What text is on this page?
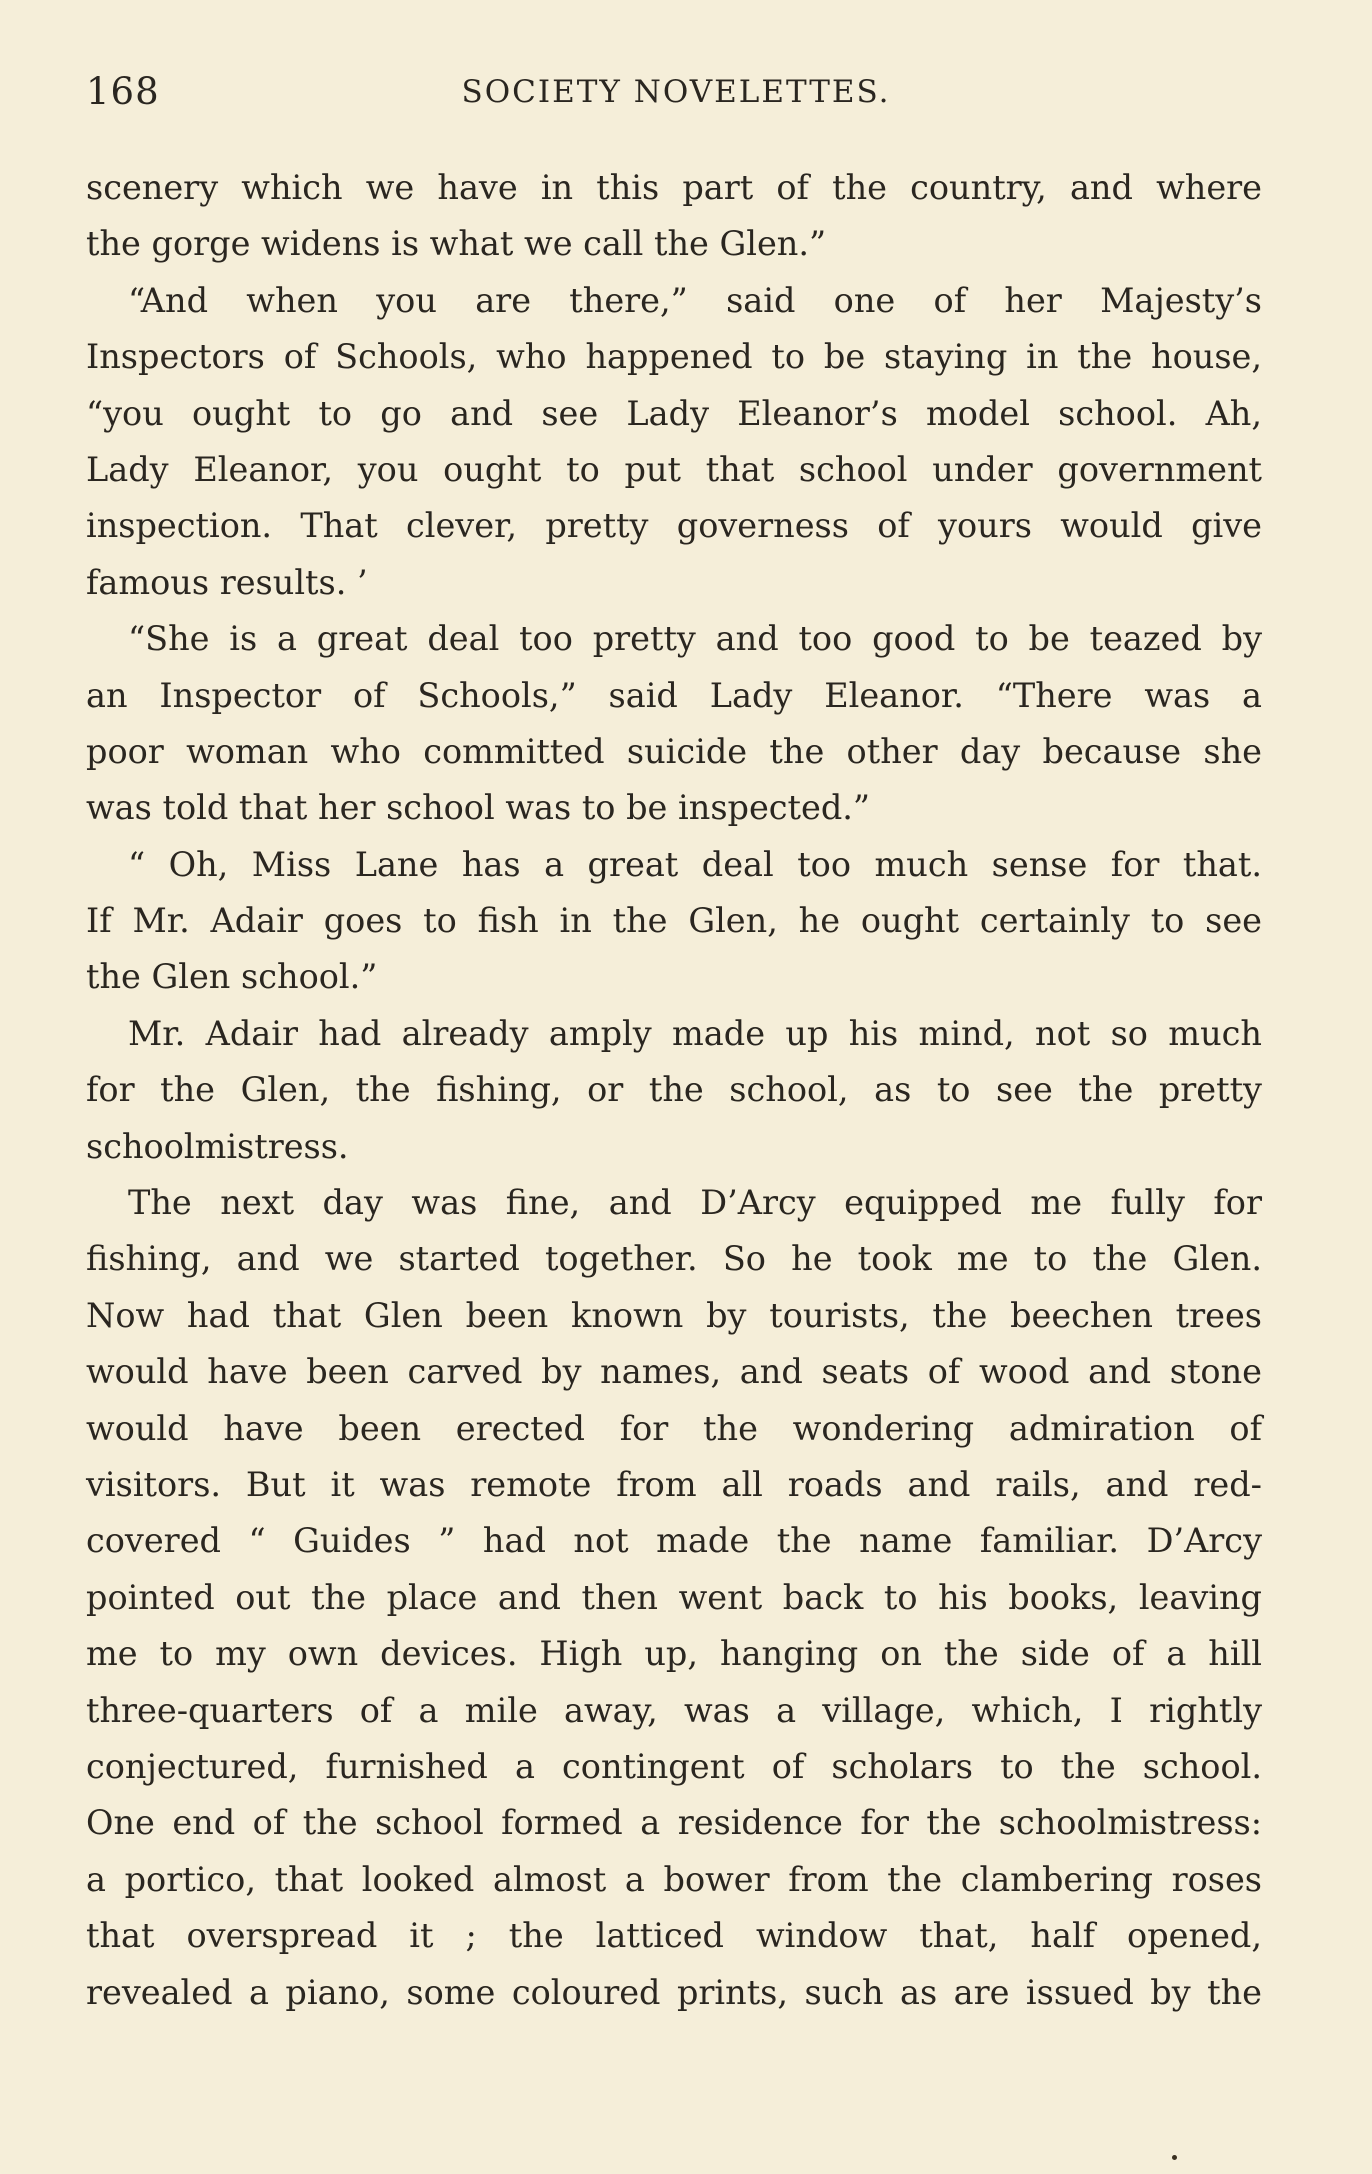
168	SOCIETY NOVELETTES.
scenery which we have in this part of the country, and where
the gorge widens is what we call the Glen.”
“And when you are there,” said one of her Majesty’s
Inspectors of Schools, who happened to be staying in the house,
“you ought to go and see Lady Eleanor’s model school. Ah,
Lady Eleanor, you ought to put that school under government
inspection. That clever, pretty governess of yours would give
famous results. ’
“She is a great deal too pretty and too good to be teazed by
an Inspector of Schools,” said Lady Eleanor. “There was a
poor woman who committed suicide the other day because she
was told that her school was to be inspected.”
“ Oh, Miss Lane has a great deal too much sense for that.
If Mr. Adair goes to fish in the Glen, he ought certainly to see
the Glen school.”
Mr. Adair had already amply made up his mind, not so much
for the Glen, the fishing, or the school, as to see the pretty
schoolmistress.
The next day was fine, and D’Arcy equipped me fully for
fishing, and we started together. So he took me to the Glen.
Now had that Glen been known by tourists, the beechen trees
would have been carved by names, and seats of wood and stone
would have been erected for the wondering admiration of
visitors. But it was remote from all roads and rails, and red-
covered “ Guides ” had not made the name familiar. D’Arcy
pointed out the place and then went back to his books, leaving
me to my own devices. High up, hanging on the side of a hill
three-quarters of a mile away, was a village, which, I rightly
conjectured, furnished a contingent of scholars to the school.
One end of the school formed a residence for the schoolmistress:
a portico, that looked almost a bower from the clambering roses
that overspread it ; the latticed window that, half opened,
revealed a piano, some coloured prints, such as are issued by the
